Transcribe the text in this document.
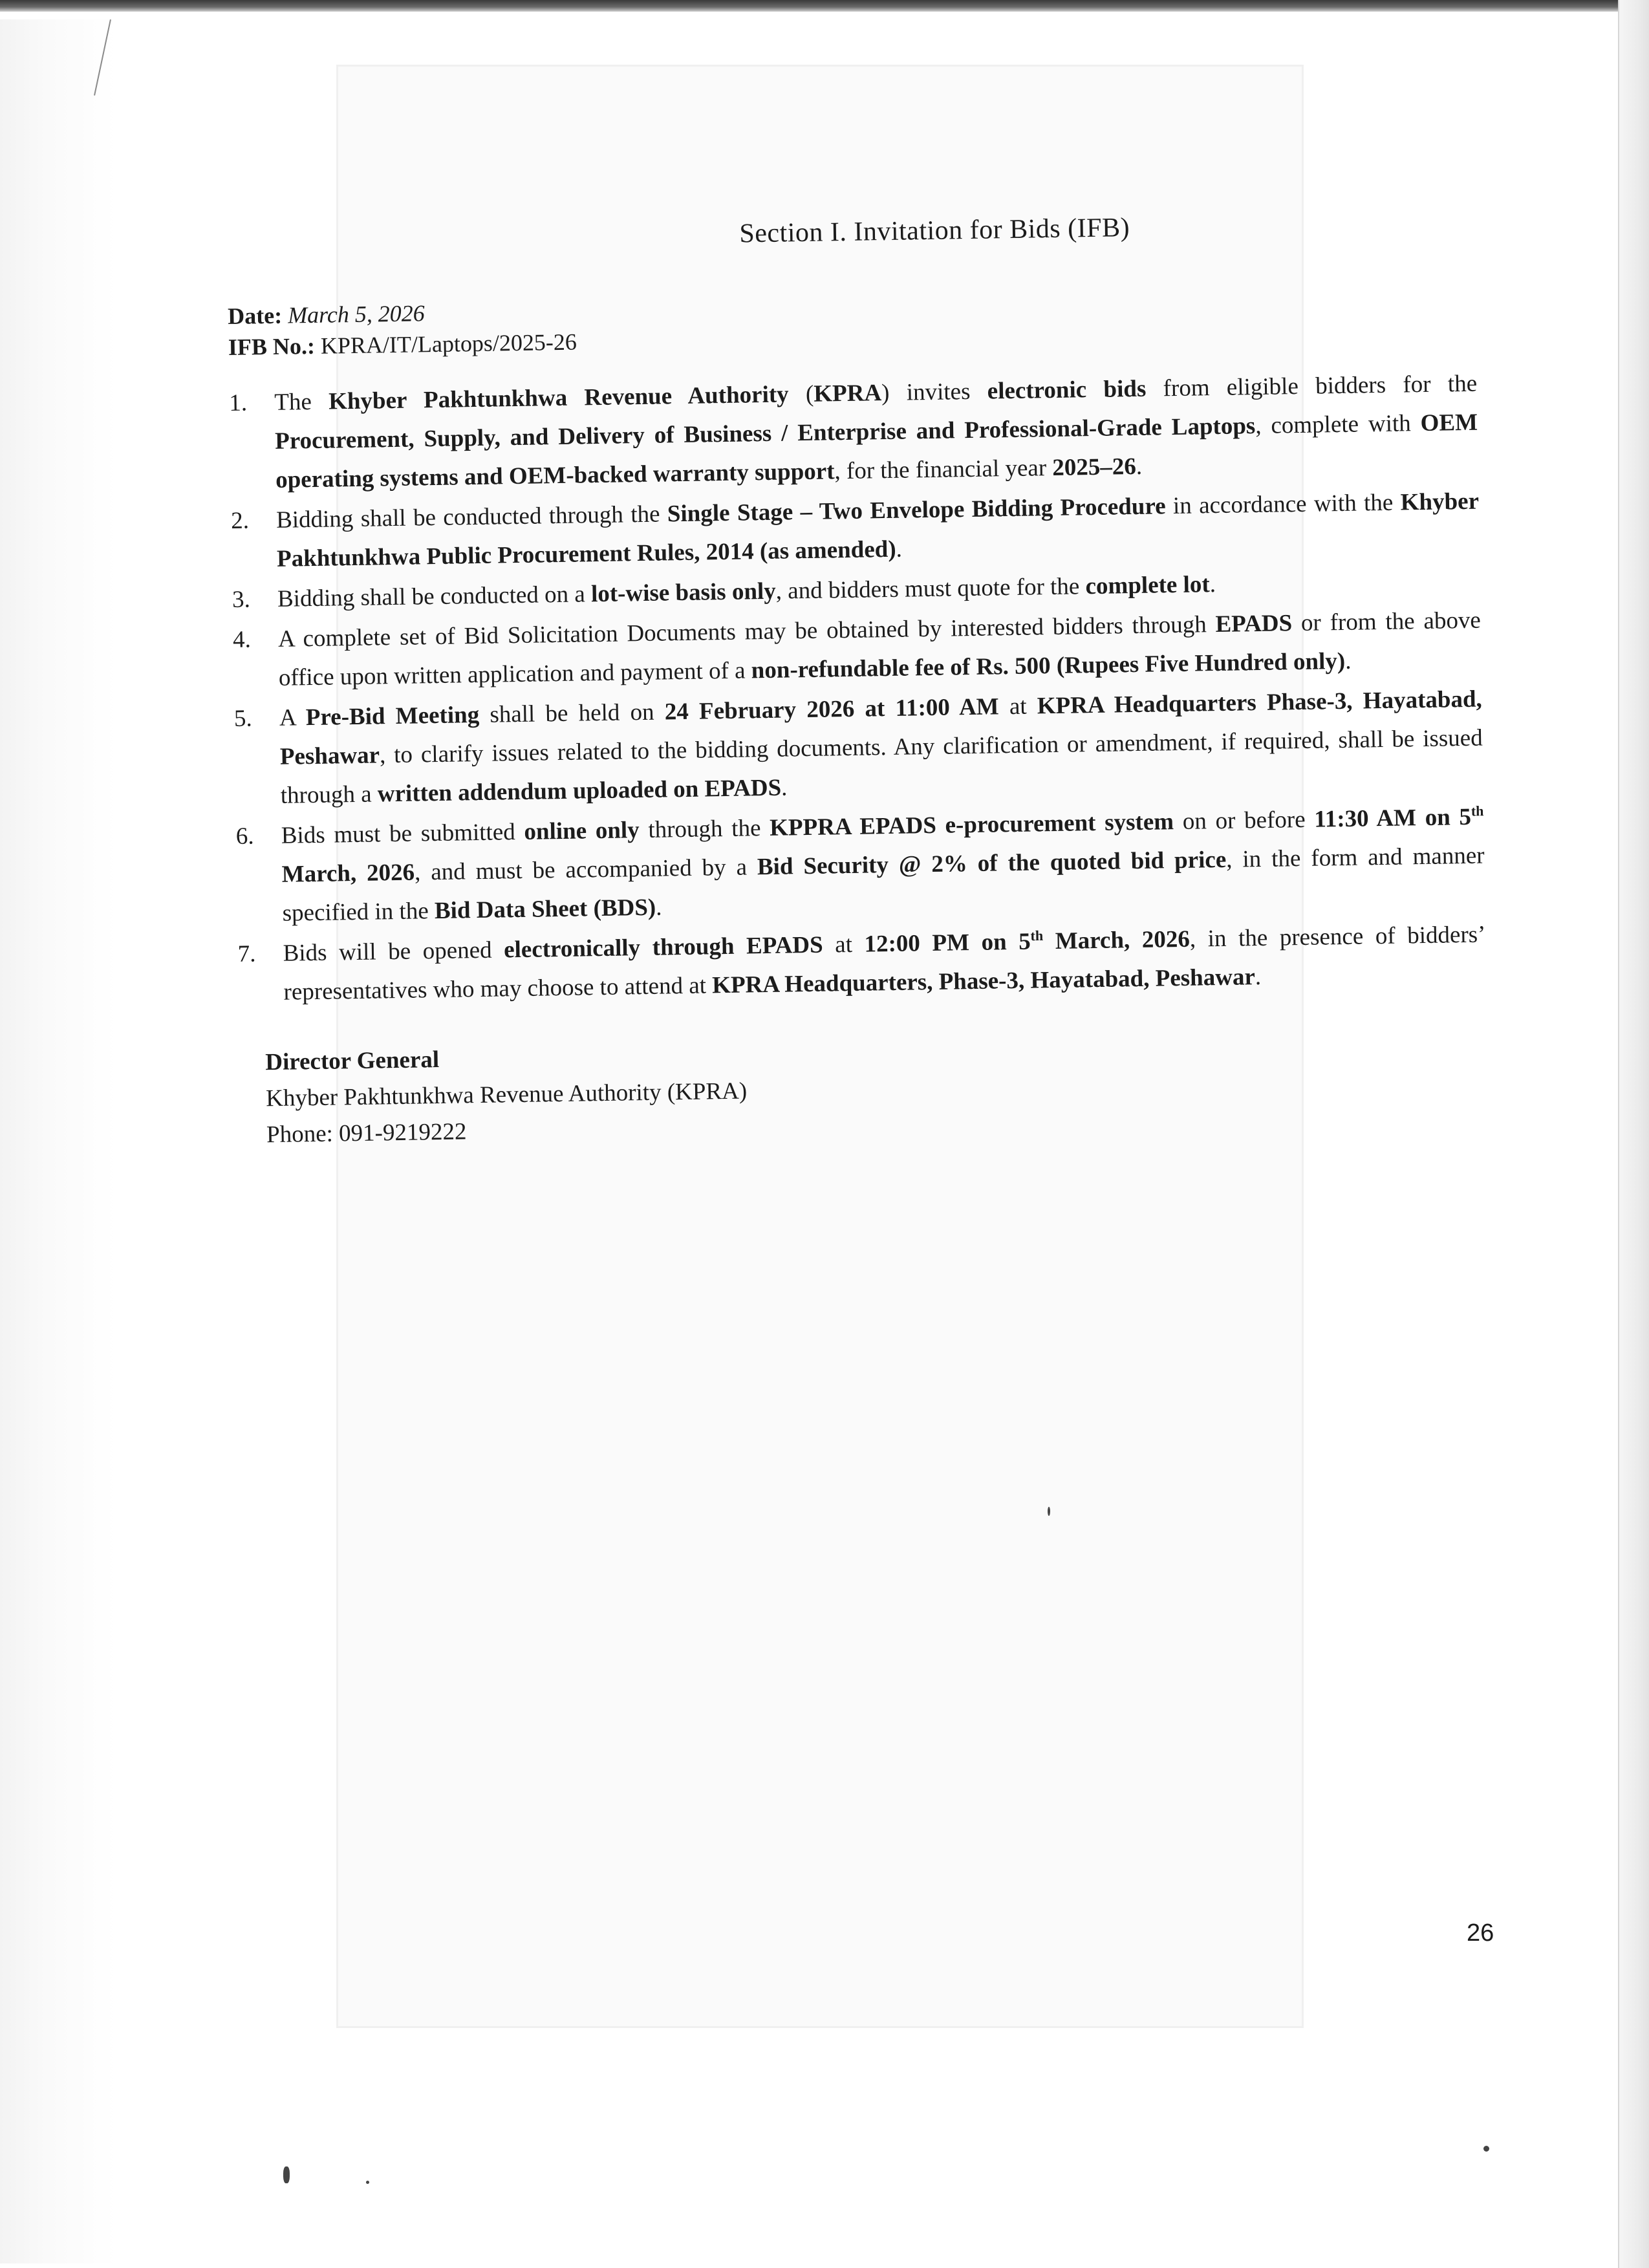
Section I. Invitation for Bids (IFB)
Date: March 5, 2026
IFB No.: KPRA/IT/Laptops/2025-26
1.	The Khyber Pakhtunkhwa Revenue Authority (KPRA) invites electronic bids from eligible bidders for the Procurement, Supply, and Delivery of Business / Enterprise and Professional-Grade Laptops, complete with OEM operating systems and OEM-backed warranty support, for the financial year 2025–26.
2.	Bidding shall be conducted through the Single Stage – Two Envelope Bidding Procedure in accordance with the Khyber Pakhtunkhwa Public Procurement Rules, 2014 (as amended).
3.	Bidding shall be conducted on a lot-wise basis only, and bidders must quote for the complete lot.
4.	A complete set of Bid Solicitation Documents may be obtained by interested bidders through EPADS or from the above office upon written application and payment of a non-refundable fee of Rs. 500 (Rupees Five Hundred only).
5.	A Pre-Bid Meeting shall be held on 24 February 2026 at 11:00 AM at KPRA Headquarters Phase-3, Hayatabad, Peshawar, to clarify issues related to the bidding documents. Any clarification or amendment, if required, shall be issued through a written addendum uploaded on EPADS.
6.	Bids must be submitted online only through the KPPRA EPADS e-procurement system on or before 11:30 AM on 5th March, 2026, and must be accompanied by a Bid Security @ 2% of the quoted bid price, in the form and manner specified in the Bid Data Sheet (BDS).
7.	Bids will be opened electronically through EPADS at 12:00 PM on 5th March, 2026, in the presence of bidders’ representatives who may choose to attend at KPRA Headquarters, Phase-3, Hayatabad, Peshawar.
Director General
Khyber Pakhtunkhwa Revenue Authority (KPRA)
Phone: 091-9219222
26
